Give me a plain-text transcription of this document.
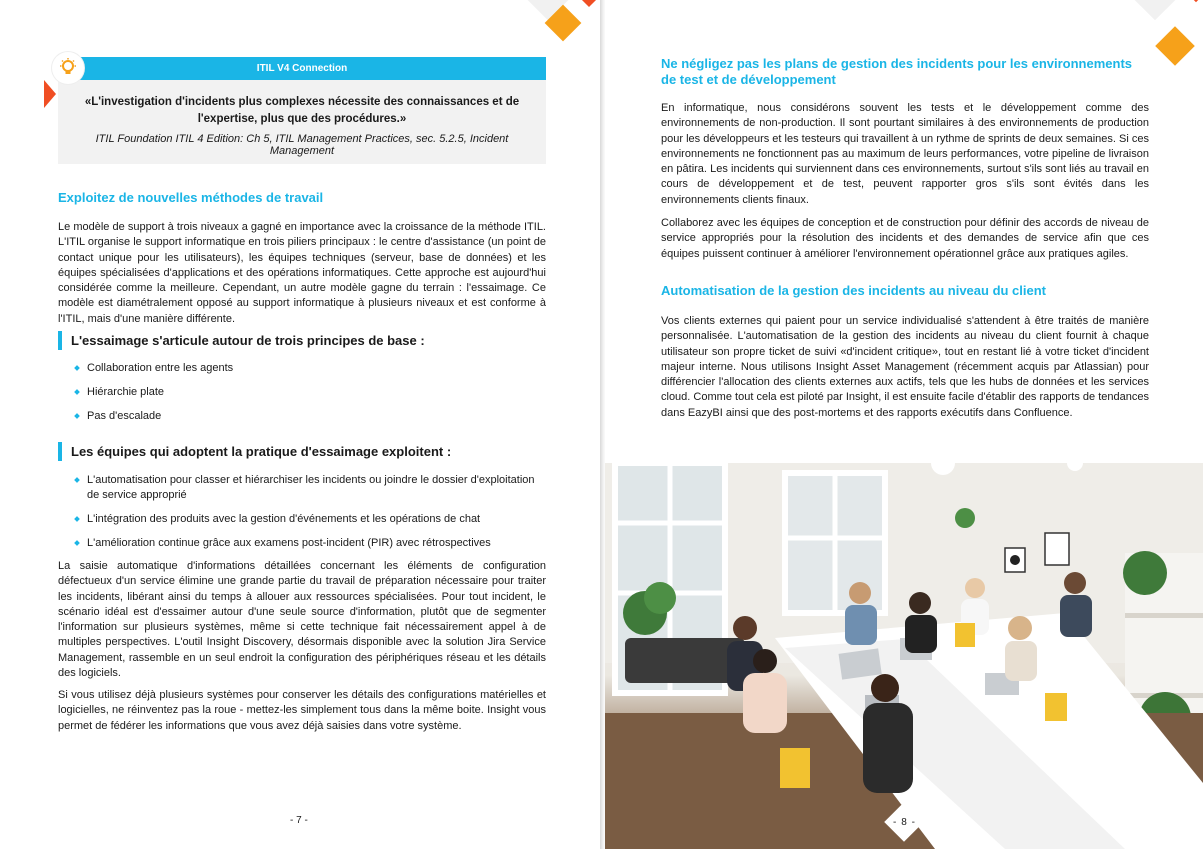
ITIL V4 Connection

«L'investigation d'incidents plus complexes nécessite des connaissances et de l'expertise, plus que des procédures.»

ITIL Foundation ITIL 4 Edition: Ch 5, ITIL Management Practices, sec. 5.2.5, Incident Management

Exploitez de nouvelles méthodes de travail

Le modèle de support à trois niveaux a gagné en importance avec la croissance de la méthode ITIL. L'ITIL organise le support informatique en trois piliers principaux : le centre d'assistance (un point de contact unique pour les utilisateurs), les équipes techniques (serveur, base de données) et les équipes spécialisées d'applications et des opérations informatiques. Cette approche est aujourd'hui considérée comme la meilleure. Cependant, un autre modèle gagne du terrain : l'essaimage. Ce modèle est diamétralement opposé au support informatique à plusieurs niveaux et est conforme à l'ITIL, mais d'une manière différente.

L'essaimage s'articule autour de trois principes de base :
Collaboration entre les agents
Hiérarchie plate
Pas d'escalade
Les équipes qui adoptent la pratique d'essaimage exploitent :
L'automatisation pour classer et hiérarchiser les incidents ou joindre le dossier d'exploitation de service approprié
L'intégration des produits avec la gestion d'événements et les opérations de chat
L'amélioration continue grâce aux examens post-incident (PIR) avec rétrospectives

La saisie automatique d'informations détaillées concernant les éléments de configuration défectueux d'un service élimine une grande partie du travail de préparation nécessaire pour traiter les incidents, libérant ainsi du temps à allouer aux ressources spécialisées. Pour tout incident, le scénario idéal est d'essaimer autour d'une seule source d'information, plutôt que de segmenter l'information sur plusieurs systèmes, même si cette technique fait nécessairement appel à de multiples perspectives. L'outil Insight Discovery, désormais disponible avec la solution Jira Service Management, rassemble en un seul endroit la configuration des périphériques réseau et les détails des logiciels.

Si vous utilisez déjà plusieurs systèmes pour conserver les détails des configurations matérielles et logicielles, ne réinventez pas la roue - mettez-les simplement tous dans la même boite. Insight vous permet de fédérer les informations que vous avez déjà saisies dans votre système.

- 7 -
Ne négligez pas les plans de gestion des incidents pour les environnements de test et de développement

En informatique, nous considérons souvent les tests et le développement comme des environnements de non-production. Il sont pourtant similaires à des environnements de production pour les développeurs et les testeurs qui travaillent à un rythme de sprints de deux semaines. Si ces environnements ne fonctionnent pas au maximum de leurs performances, votre pipeline de livraison en pâtira. Les incidents qui surviennent dans ces environnements, surtout s'ils sont liés au travail en cours de développement et de test, peuvent rapporter gros s'ils sont évités dans les environnements clients finaux.

Collaborez avec les équipes de conception et de construction pour définir des accords de niveau de service appropriés pour la résolution des incidents et des demandes de service afin que ces équipes puissent continuer à améliorer l'environnement opérationnel grâce aux pratiques agiles.

Automatisation de la gestion des incidents au niveau du client

Vos clients externes qui paient pour un service individualisé s'attendent à être traités de manière personnalisée. L'automatisation de la gestion des incidents au niveau du client fournit à chaque utilisateur son propre ticket de suivi «d'incident critique», tout en restant lié à votre ticket d'incident majeur interne. Nous utilisons Insight Asset Management (récemment acquis par Atlassian) pour différencier l'allocation des clients externes aux actifs, tels que les hubs de données et les services cloud. Comme tout cela est piloté par Insight, il est ensuite facile d'établir des rapports de tendances dans EazyBI ainsi que des post-mortems et des rapports exécutifs dans Confluence.

- 8 -
